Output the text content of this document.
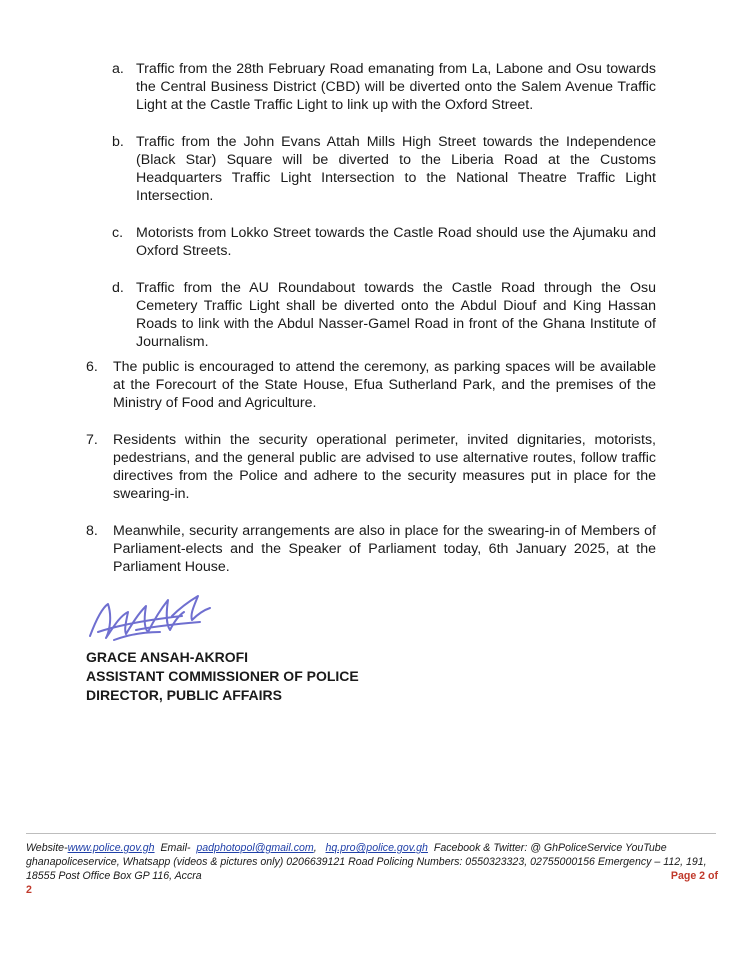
a. Traffic from the 28th February Road emanating from La, Labone and Osu towards the Central Business District (CBD) will be diverted onto the Salem Avenue Traffic Light at the Castle Traffic Light to link up with the Oxford Street.
b. Traffic from the John Evans Attah Mills High Street towards the Independence (Black Star) Square will be diverted to the Liberia Road at the Customs Headquarters Traffic Light Intersection to the National Theatre Traffic Light Intersection.
c. Motorists from Lokko Street towards the Castle Road should use the Ajumaku and Oxford Streets.
d. Traffic from the AU Roundabout towards the Castle Road through the Osu Cemetery Traffic Light shall be diverted onto the Abdul Diouf and King Hassan Roads to link with the Abdul Nasser-Gamel Road in front of the Ghana Institute of Journalism.
6.	The public is encouraged to attend the ceremony, as parking spaces will be available at the Forecourt of the State House, Efua Sutherland Park, and the premises of the Ministry of Food and Agriculture.
7.	Residents within the security operational perimeter, invited dignitaries, motorists, pedestrians, and the general public are advised to use alternative routes, follow traffic directives from the Police and adhere to the security measures put in place for the swearing-in.
8.	Meanwhile, security arrangements are also in place for the swearing-in of Members of Parliament-elects and the Speaker of Parliament today, 6th January 2025, at the Parliament House.
GRACE ANSAH-AKROFI
ASSISTANT COMMISSIONER OF POLICE
DIRECTOR, PUBLIC AFFAIRS
Website-www.police.gov.gh Email- padphotopol@gmail.com,   hq.pro@police.gov.gh Facebook & Twitter: @ GhPoliceService YouTube
ghanapoliceservice, Whatsapp (videos & pictures only) 0206639121 Road Policing Numbers: 0550323323, 02755000156 Emergency – 112, 191,
18555 Post Office Box GP 116, Accra	Page 2 of
2
